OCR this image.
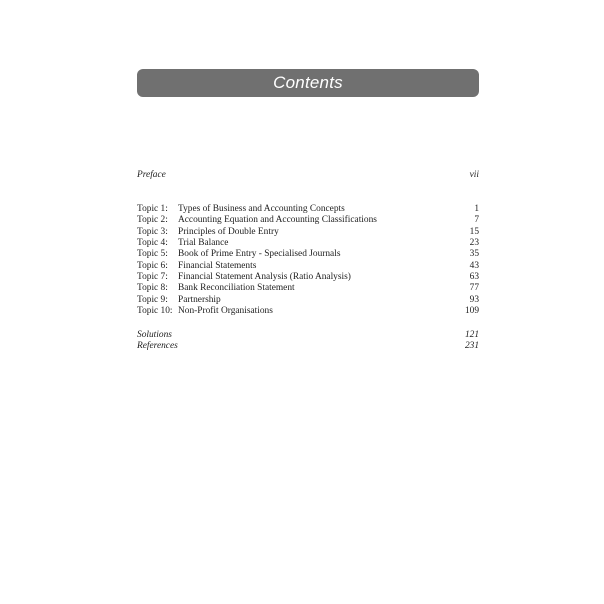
Contents
Preface	vii
Topic 1: Types of Business and Accounting Concepts	1
Topic 2: Accounting Equation and Accounting Classifications	7
Topic 3: Principles of Double Entry	15
Topic 4: Trial Balance	23
Topic 5: Book of Prime Entry - Specialised Journals	35
Topic 6: Financial Statements	43
Topic 7: Financial Statement Analysis (Ratio Analysis)	63
Topic 8: Bank Reconciliation Statement	77
Topic 9: Partnership	93
Topic 10: Non-Profit Organisations	109
Solutions	121
References	231
